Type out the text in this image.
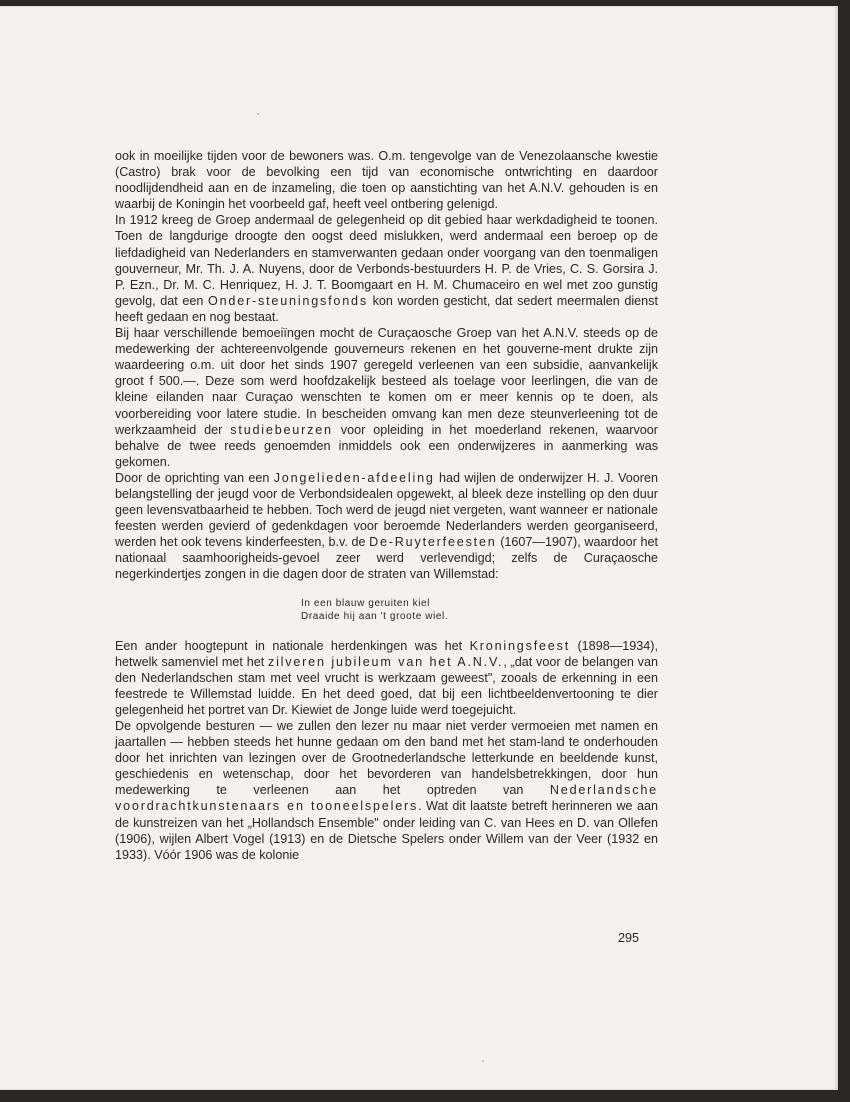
ook in moeilijke tijden voor de bewoners was. O.m. tengevolge van de Venezolaansche kwestie (Castro) brak voor de bevolking een tijd van economische ontwrichting en daardoor noodlijdendheid aan en de inzameling, die toen op aanstichting van het A.N.V. gehouden is en waarbij de Koningin het voorbeeld gaf, heeft veel ontbering gelenigd.

In 1912 kreeg de Groep andermaal de gelegenheid op dit gebied haar werkdadigheid te toonen. Toen de langdurige droogte den oogst deed mislukken, werd andermaal een beroep op de liefdadigheid van Nederlanders en stamverwanten gedaan onder voorgang van den toenmaligen gouverneur, Mr. Th. J. A. Nuyens, door de Verbonds-bestuurders H. P. de Vries, C. S. Gorsira J. P. Ezn., Dr. M. C. Henriquez, H. J. T. Boomgaart en H. M. Chumaceiro en wel met zoo gunstig gevolg, dat een Onder-steuningsfonds kon worden gesticht, dat sedert meermalen dienst heeft gedaan en nog bestaat.

Bij haar verschillende bemoeiïngen mocht de Curaçaosche Groep van het A.N.V. steeds op de medewerking der achtereenvolgende gouverneurs rekenen en het gouverne-ment drukte zijn waardeering o.m. uit door het sinds 1907 geregeld verleenen van een subsidie, aanvankelijk groot f 500.—. Deze som werd hoofdzakelijk besteed als toelage voor leerlingen, die van de kleine eilanden naar Curaçao wenschten te komen om er meer kennis op te doen, als voorbereiding voor latere studie. In bescheiden omvang kan men deze steunverleening tot de werkzaamheid der studiebeurzen voor opleiding in het moederland rekenen, waarvoor behalve de twee reeds genoemden inmiddels ook een onderwijzeres in aanmerking was gekomen.

Door de oprichting van een Jongelieden-afdeeling had wijlen de onderwijzer H. J. Vooren belangstelling der jeugd voor de Verbondsidealen opgewekt, al bleek deze instelling op den duur geen levensvatbaarheid te hebben. Toch werd de jeugd niet vergeten, want wanneer er nationale feesten werden gevierd of gedenkdagen voor beroemde Nederlanders werden georganiseerd, werden het ook tevens kinderfeesten, b.v. de De-Ruyterfeesten (1607—1907), waardoor het nationaal saamhoorigheids-gevoel zeer werd verlevendigd; zelfs de Curaçaosche negerkindertjes zongen in die dagen door de straten van Willemstad:

In een blauw geruiten kiel
Draaide hij aan 't groote wiel.

Een ander hoogtepunt in nationale herdenkingen was het Kroningsfeest (1898—1934), hetwelk samenviel met het zilveren jubileum van het A.N.V., „dat voor de belangen van den Nederlandschen stam met veel vrucht is werkzaam geweest", zooals de erkenning in een feestrede te Willemstad luidde. En het deed goed, dat bij een lichtbeeldenvertooning te dier gelegenheid het portret van Dr. Kiewiet de Jonge luide werd toegejuicht.

De opvolgende besturen — we zullen den lezer nu maar niet verder vermoeien met namen en jaartallen — hebben steeds het hunne gedaan om den band met het stam-land te onderhouden door het inrichten van lezingen over de Grootnederlandsche letterkunde en beeldende kunst, geschiedenis en wetenschap, door het bevorderen van handelsbetrekkingen, door hun medewerking te verleenen aan het optreden van Nederlandsche voordrachtkunstenaars en tooneelspelers. Wat dit laatste betreft herinneren we aan de kunstreizen van het „Hollandsch Ensemble" onder leiding van C. van Hees en D. van Ollefen (1906), wijlen Albert Vogel (1913) en de Dietsche Spelers onder Willem van der Veer (1932 en 1933). Vóór 1906 was de kolonie

295
